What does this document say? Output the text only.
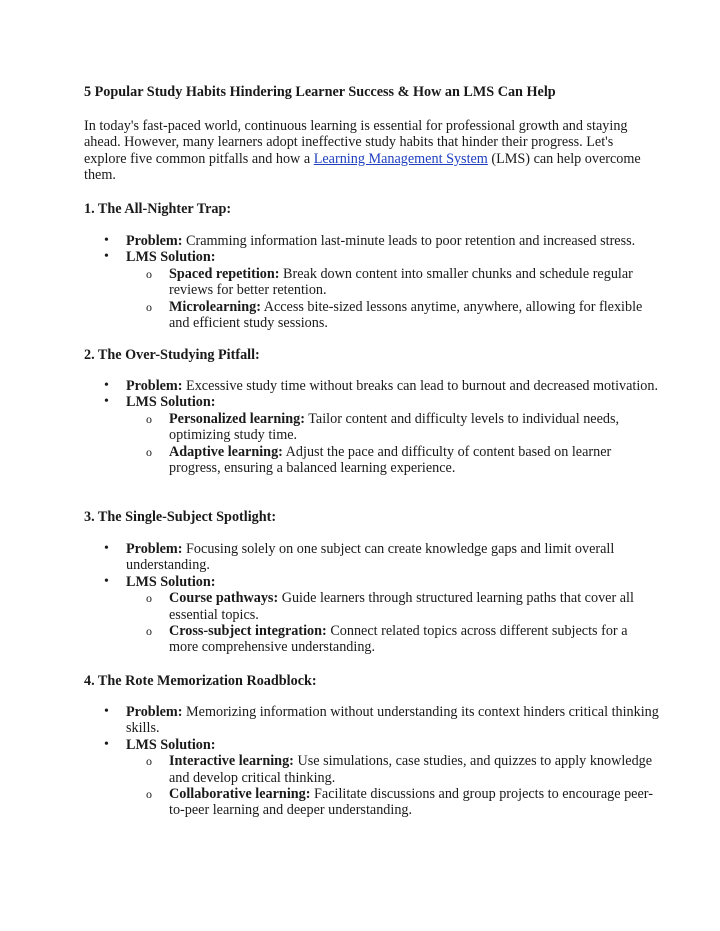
5 Popular Study Habits Hindering Learner Success & How an LMS Can Help

In today's fast-paced world, continuous learning is essential for professional growth and staying ahead. However, many learners adopt ineffective study habits that hinder their progress. Let's explore five common pitfalls and how a Learning Management System (LMS) can help overcome them.

1. The All-Nighter Trap:
• Problem: Cramming information last-minute leads to poor retention and increased stress.
• LMS Solution:
o Spaced repetition: Break down content into smaller chunks and schedule regular reviews for better retention.
o Microlearning: Access bite-sized lessons anytime, anywhere, allowing for flexible and efficient study sessions.
2. The Over-Studying Pitfall:
• Problem: Excessive study time without breaks can lead to burnout and decreased motivation.
• LMS Solution:
o Personalized learning: Tailor content and difficulty levels to individual needs, optimizing study time.
o Adaptive learning: Adjust the pace and difficulty of content based on learner progress, ensuring a balanced learning experience.
3. The Single-Subject Spotlight:
• Problem: Focusing solely on one subject can create knowledge gaps and limit overall understanding.
• LMS Solution:
o Course pathways: Guide learners through structured learning paths that cover all essential topics.
o Cross-subject integration: Connect related topics across different subjects for a more comprehensive understanding.
4. The Rote Memorization Roadblock:
• Problem: Memorizing information without understanding its context hinders critical thinking skills.
• LMS Solution:
o Interactive learning: Use simulations, case studies, and quizzes to apply knowledge and develop critical thinking.
o Collaborative learning: Facilitate discussions and group projects to encourage peer-to-peer learning and deeper understanding.
